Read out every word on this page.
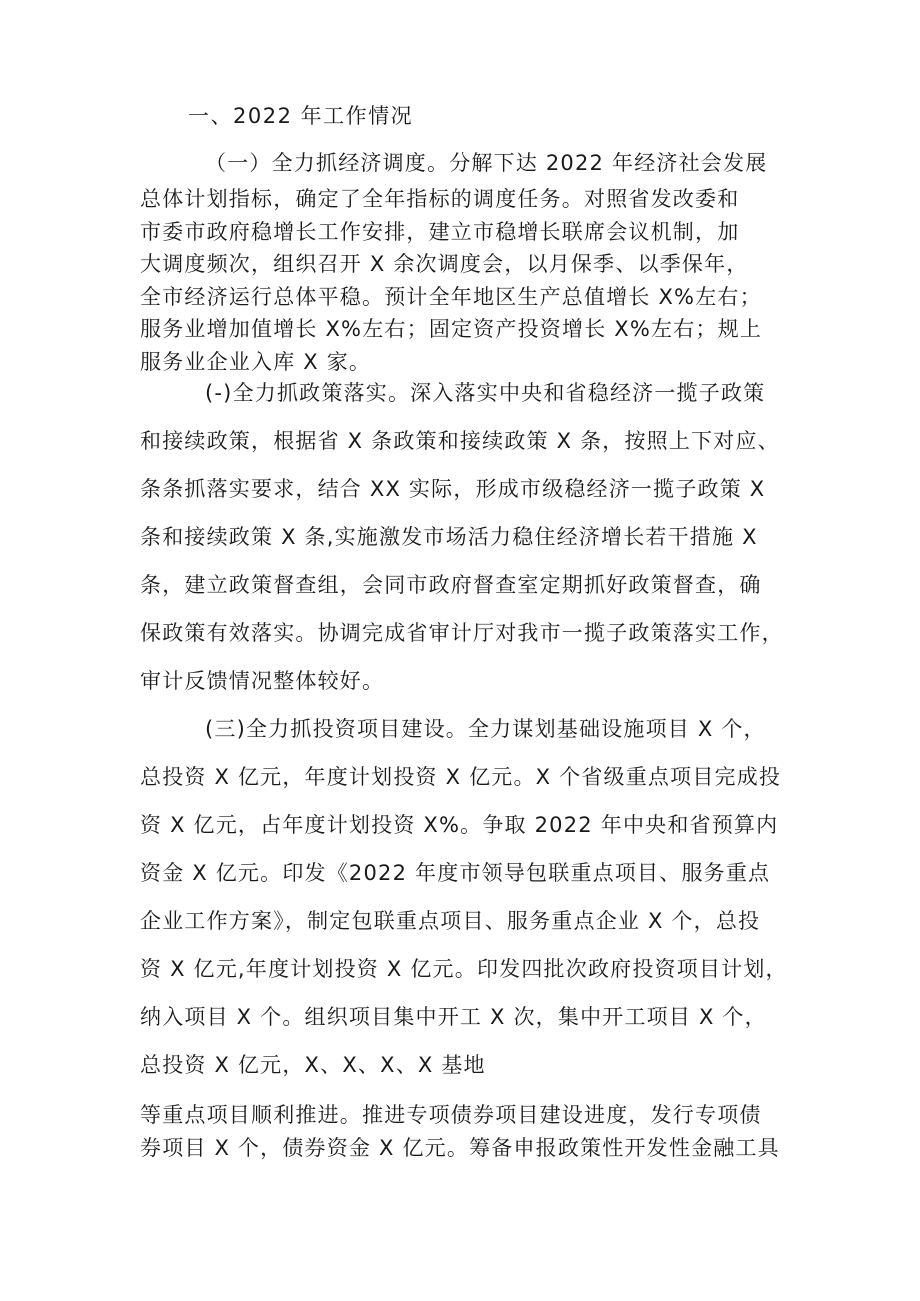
一、2022 年工作情况
（一）全力抓经济调度。分解下达 2022 年经济社会发展
总体计划指标，确定了全年指标的调度任务。对照省发改委和
市委市政府稳增长工作安排，建立市稳增长联席会议机制，加
大调度频次，组织召开 X 余次调度会，以月保季、以季保年，
全市经济运行总体平稳。预计全年地区生产总值增长 X%左右；
服务业增加值增长 X%左右；固定资产投资增长 X%左右；规上
服务业企业入库 X 家。
(-)全力抓政策落实。深入落实中央和省稳经济一揽子政策
和接续政策，根据省 X 条政策和接续政策 X 条，按照上下对应、
条条抓落实要求，结合 XX 实际，形成市级稳经济一揽子政策 X
条和接续政策 X 条,实施激发市场活力稳住经济增长若干措施 X
条，建立政策督查组，会同市政府督查室定期抓好政策督查，确
保政策有效落实。协调完成省审计厅对我市一揽子政策落实工作，
审计反馈情况整体较好。
(三)全力抓投资项目建设。全力谋划基础设施项目 X 个，
总投资 X 亿元，年度计划投资 X 亿元。X 个省级重点项目完成投
资 X 亿元，占年度计划投资 X%。争取 2022 年中央和省预算内
资金 X 亿元。印发《2022 年度市领导包联重点项目、服务重点
企业工作方案》，制定包联重点项目、服务重点企业 X 个，总投
资 X 亿元,年度计划投资 X 亿元。印发四批次政府投资项目计划，
纳入项目 X 个。组织项目集中开工 X 次，集中开工项目 X 个，
总投资 X 亿元，X、X、X、X 基地
等重点项目顺利推进。推进专项债券项目建设进度，发行专项债
券项目 X 个，债券资金 X 亿元。筹备申报政策性开发性金融工具
